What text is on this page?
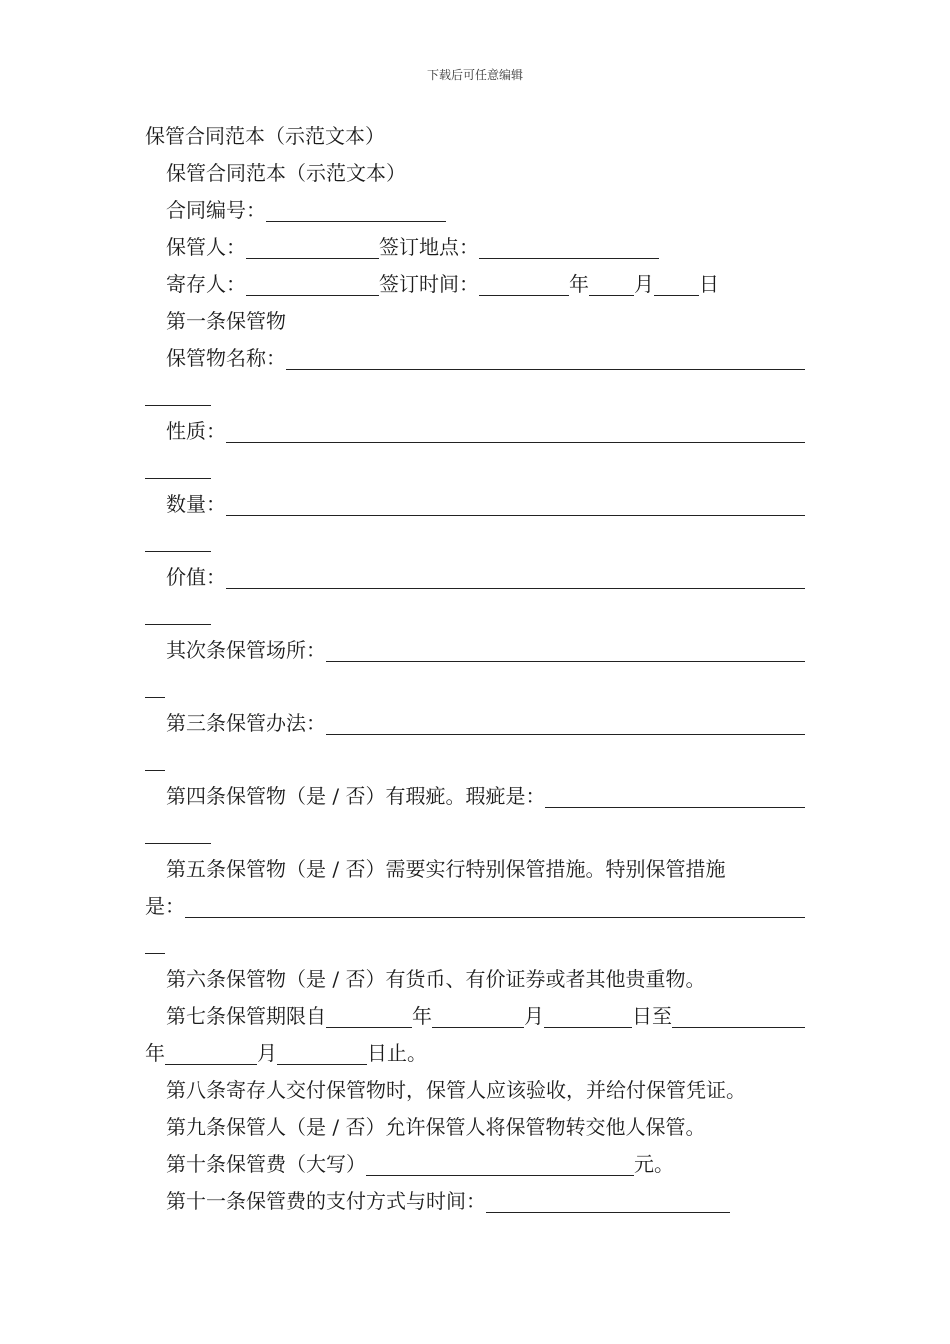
下载后可任意编辑
保管合同范本（示范文本）
保管合同范本（示范文本）
合同编号：
保管人：	签订地点：
寄存人：	签订时间：	年 月 日
第一条保管物
保管物名称：
性质：
数量：
价值：
其次条保管场所：
第三条保管办法：
第四条保管物（是 / 否）有瑕疵。瑕疵是：
第五条保管物（是 / 否）需要实行特别保管措施。特别保管措施
是：
第六条保管物（是 / 否）有货币、有价证券或者其他贵重物。
第七条保管期限自	年	月	日至
年	月	日止。
第八条寄存人交付保管物时，保管人应该验收，并给付保管凭证。
第九条保管人（是 / 否）允许保管人将保管物转交他人保管。
第十条保管费（大写）	元。
第十一条保管费的支付方式与时间：
